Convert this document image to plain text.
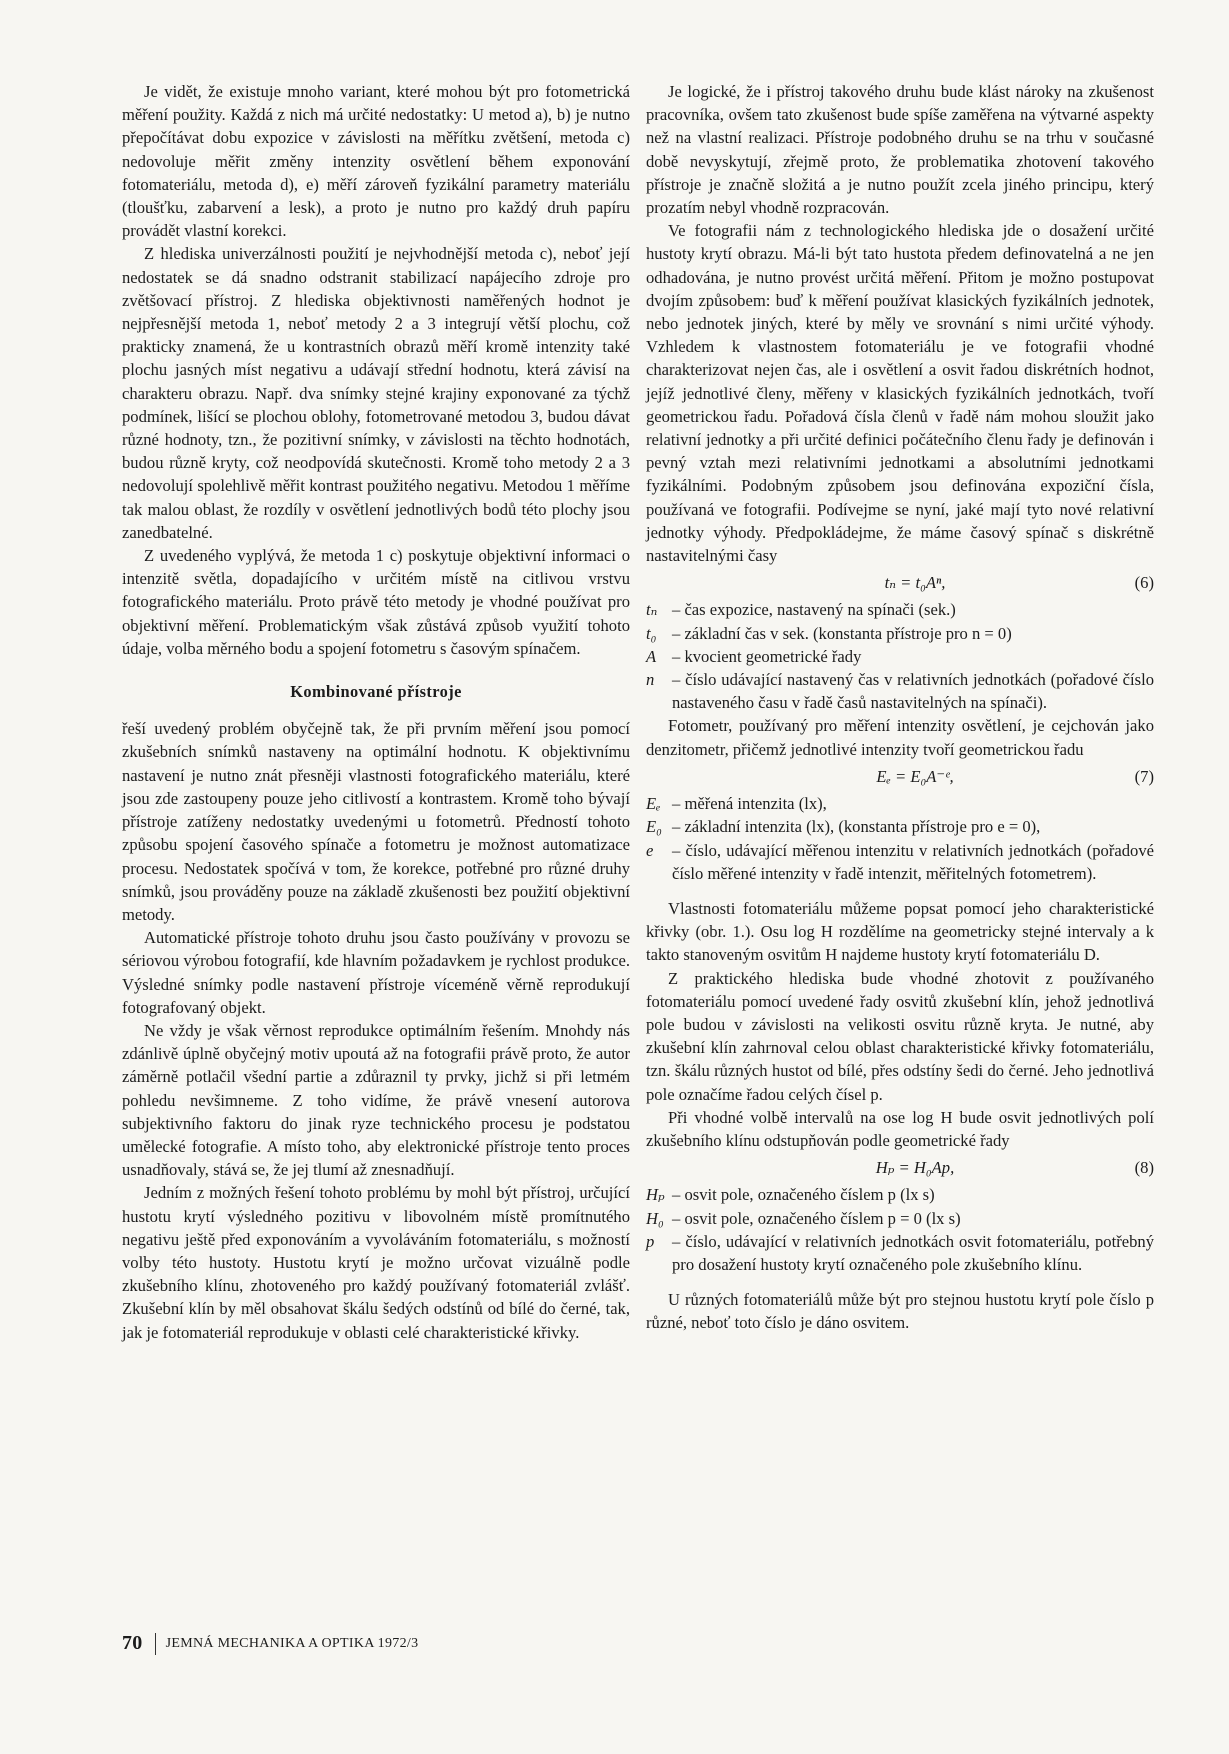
Je vidět, že existuje mnoho variant, které mohou být pro fotometrická měření použity. Každá z nich má určité nedostatky: U metod a), b) je nutno přepočítávat dobu expozice v závislosti na měřítku zvětšení, metoda c) nedovoluje měřit změny intenzity osvětlení během exponování fotomateriálu, metoda d), e) měří zároveň fyzikální parametry materiálu (tloušťku, zabarvení a lesk), a proto je nutno pro každý druh papíru provádět vlastní korekci.

Z hlediska univerzálnosti použití je nejvhodnější metoda c), neboť její nedostatek se dá snadno odstranit stabilizací napájecího zdroje pro zvětšovací přístroj. Z hlediska objektivnosti naměřených hodnot je nejpřesnější metoda 1, neboť metody 2 a 3 integrují větší plochu, což prakticky znamená, že u kontrastních obrazů měří kromě intenzity také plochu jasných míst negativu a udávají střední hodnotu, která závisí na charakteru obrazu. Např. dva snímky stejné krajiny exponované za týchž podmínek, lišící se plochou oblohy, fotometrované metodou 3, budou dávat různé hodnoty, tzn., že pozitivní snímky, v závislosti na těchto hodnotách, budou různě kryty, což neodpovídá skutečnosti. Kromě toho metody 2 a 3 nedovolují spolehlivě měřit kontrast použitého negativu. Metodou 1 měříme tak malou oblast, že rozdíly v osvětlení jednotlivých bodů této plochy jsou zanedbatelné.

Z uvedeného vyplývá, že metoda 1 c) poskytuje objektivní informaci o intenzitě světla, dopadajícího v určitém místě na citlivou vrstvu fotografického materiálu. Proto právě této metody je vhodné používat pro objektivní měření. Problematickým však zůstává způsob využití tohoto údaje, volba měrného bodu a spojení fotometru s časovým spínačem.

Kombinované přístroje

řeší uvedený problém obyčejně tak, že při prvním měření jsou pomocí zkušebních snímků nastaveny na optimální hodnotu. K objektivnímu nastavení je nutno znát přesněji vlastnosti fotografického materiálu, které jsou zde zastoupeny pouze jeho citlivostí a kontrastem. Kromě toho bývají přístroje zatíženy nedostatky uvedenými u fotometrů. Předností tohoto způsobu spojení časového spínače a fotometru je možnost automatizace procesu. Nedostatek spočívá v tom, že korekce, potřebné pro různé druhy snímků, jsou prováděny pouze na základě zkušenosti bez použití objektivní metody.

Automatické přístroje tohoto druhu jsou často používány v provozu se sériovou výrobou fotografií, kde hlavním požadavkem je rychlost produkce. Výsledné snímky podle nastavení přístroje víceméně věrně reprodukují fotografovaný objekt.

Ne vždy je však věrnost reprodukce optimálním řešením. Mnohdy nás zdánlivě úplně obyčejný motiv upoutá až na fotografii právě proto, že autor záměrně potlačil všední partie a zdůraznil ty prvky, jichž si při letmém pohledu nevšimneme. Z toho vidíme, že právě vnesení autorova subjektivního faktoru do jinak ryze technického procesu je podstatou umělecké fotografie. A místo toho, aby elektronické přístroje tento proces usnadňovaly, stává se, že jej tlumí až znesnadňují.

Jedním z možných řešení tohoto problému by mohl být přístroj, určující hustotu krytí výsledného pozitivu v libovolném místě promítnutého negativu ještě před exponováním a vyvoláváním fotomateriálu, s možností volby této hustoty. Hustotu krytí je možno určovat vizuálně podle zkušebního klínu, zhotoveného pro každý používaný fotomateriál zvlášť. Zkušební klín by měl obsahovat škálu šedých odstínů od bílé do černé, tak, jak je fotomateriál reprodukuje v oblasti celé charakteristické křivky.

Je logické, že i přístroj takového druhu bude klást nároky na zkušenost pracovníka, ovšem tato zkušenost bude spíše zaměřena na výtvarné aspekty než na vlastní realizaci. Přístroje podobného druhu se na trhu v současné době nevyskytují, zřejmě proto, že problematika zhotovení takového přístroje je značně složitá a je nutno použít zcela jiného principu, který prozatím nebyl vhodně rozpracován.

Ve fotografii nám z technologického hlediska jde o dosažení určité hustoty krytí obrazu. Má-li být tato hustota předem definovatelná a ne jen odhadována, je nutno provést určitá měření. Přitom je možno postupovat dvojím způsobem: buď k měření používat klasických fyzikálních jednotek, nebo jednotek jiných, které by měly ve srovnání s nimi určité výhody. Vzhledem k vlastnostem fotomateriálu je ve fotografii vhodné charakterizovat nejen čas, ale i osvětlení a osvit řadou diskrétních hodnot, jejíž jednotlivé členy, měřeny v klasických fyzikálních jednotkách, tvoří geometrickou řadu. Pořadová čísla členů v řadě nám mohou sloužit jako relativní jednotky a při určité definici počátečního členu řady je definován i pevný vztah mezi relativními jednotkami a absolutními jednotkami fyzikálními. Podobným způsobem jsou definována expoziční čísla, používaná ve fotografii. Podívejme se nyní, jaké mají tyto nové relativní jednotky výhody. Předpokládejme, že máme časový spínač s diskrétně nastavitelnými časy

tₙ = t₀Aⁿ,	(6)
tₙ – čas expozice, nastavený na spínači (sek.)
t₀ – základní čas v sek. (konstanta přístroje pro n = 0)
A – kvocient geometrické řady
n	– číslo udávající nastavený čas v relativních jednotkách (pořadové číslo nastaveného času v řadě časů nastavitelných na spínači).

Fotometr, používaný pro měření intenzity osvětlení, je cejchován jako denzitometr, přičemž jednotlivé intenzity tvoří geometrickou řadu

Eₑ = E₀A⁻ᵉ,	(7)
Eₑ – měřená intenzita (lx),
E₀ – základní intenzita (lx), (konstanta přístroje pro e = 0),
e	– číslo, udávající měřenou intenzitu v relativních jednotkách (pořadové číslo měřené intenzity v řadě intenzit, měřitelných fotometrem).

Vlastnosti fotomateriálu můžeme popsat pomocí jeho charakteristické křivky (obr. 1.). Osu log H rozdělíme na geometricky stejné intervaly a k takto stanoveným osvitům H najdeme hustoty krytí fotomateriálu D.

Z praktického hlediska bude vhodné zhotovit z používaného fotomateriálu pomocí uvedené řady osvitů zkušební klín, jehož jednotlivá pole budou v závislosti na velikosti osvitu různě kryta. Je nutné, aby zkušební klín zahrnoval celou oblast charakteristické křivky fotomateriálu, tzn. škálu různých hustot od bílé, přes odstíny šedi do černé. Jeho jednotlivá pole označíme řadou celých čísel p.

Při vhodné volbě intervalů na ose log H bude osvit jednotlivých polí zkušebního klínu odstupňován podle geometrické řady

Hₚ = H₀Ap,	(8)
Hₚ – osvit pole, označeného číslem p (lx s)
H₀ – osvit pole, označeného číslem p = 0 (lx s)
p	– číslo, udávající v relativních jednotkách osvit fotomateriálu, potřebný pro dosažení hustoty krytí označeného pole zkušebního klínu.

U různých fotomateriálů může být pro stejnou hustotu krytí pole číslo p různé, neboť toto číslo je dáno osvitem.

70 JEMNÁ MECHANIKA A OPTIKA 1972/3
